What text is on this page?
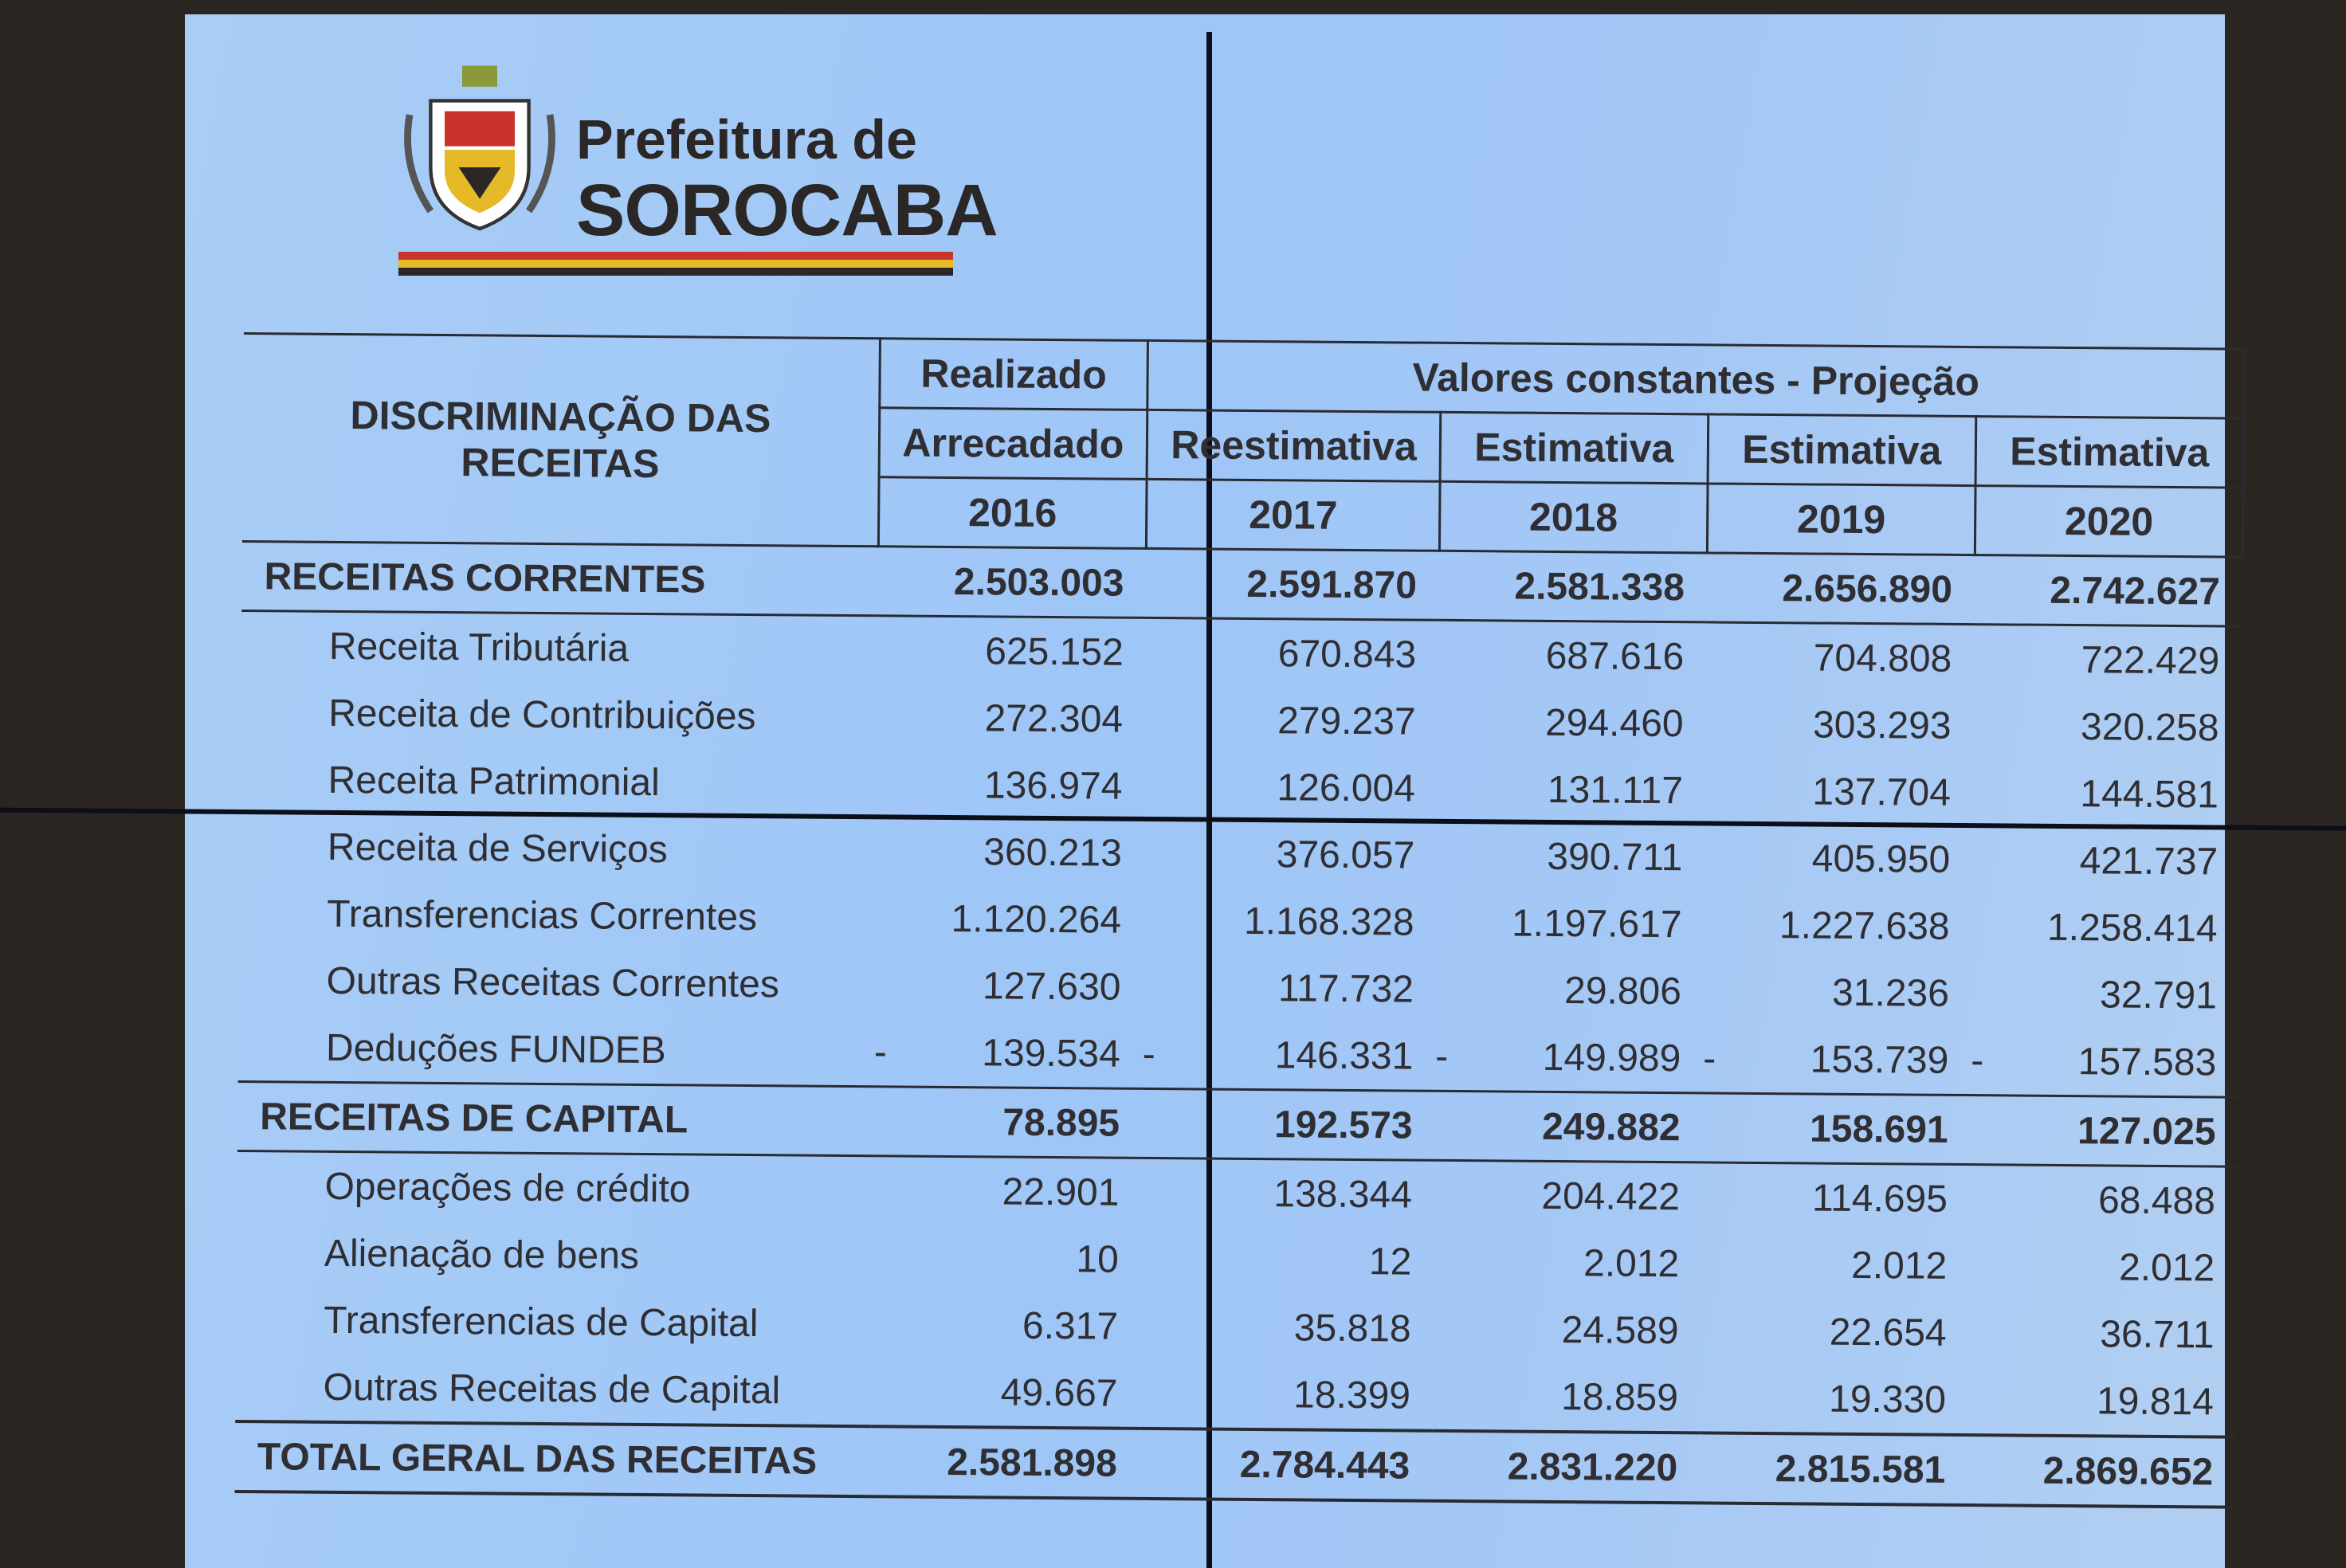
Prefeitura de
SOROCABA
DISCRIMINAÇÃO DAS RECEITAS	Realizado	Valores constantes - Projeção			
	Arrecadado	Reestimativa	Estimativa	Estimativa	Estimativa
	2016	2017	2018	2019	2020
RECEITAS CORRENTES	2.503.003	2.591.870	2.581.338	2.656.890	2.742.627
Receita Tributária	625.152	670.843	687.616	704.808	722.429
Receita de Contribuições	272.304	279.237	294.460	303.293	320.258
Receita Patrimonial	136.974	126.004	131.117	137.704	144.581
Receita de Serviços	360.213	376.057	390.711	405.950	421.737
Transferencias Correntes	1.120.264	1.168.328	1.197.617	1.227.638	1.258.414
Outras Receitas Correntes	127.630	117.732	29.806	31.236	32.791
Deduções FUNDEB	- 139.534	- 146.331	- 149.989	- 153.739	- 157.583
RECEITAS DE CAPITAL	78.895	192.573	249.882	158.691	127.025
Operações de crédito	22.901	138.344	204.422	114.695	68.488
Alienação de bens	10	12	2.012	2.012	2.012
Transferencias de Capital	6.317	35.818	24.589	22.654	36.711
Outras Receitas de Capital	49.667	18.399	18.859	19.330	19.814
TOTAL GERAL DAS RECEITAS	2.581.898	2.784.443	2.831.220	2.815.581	2.869.652
